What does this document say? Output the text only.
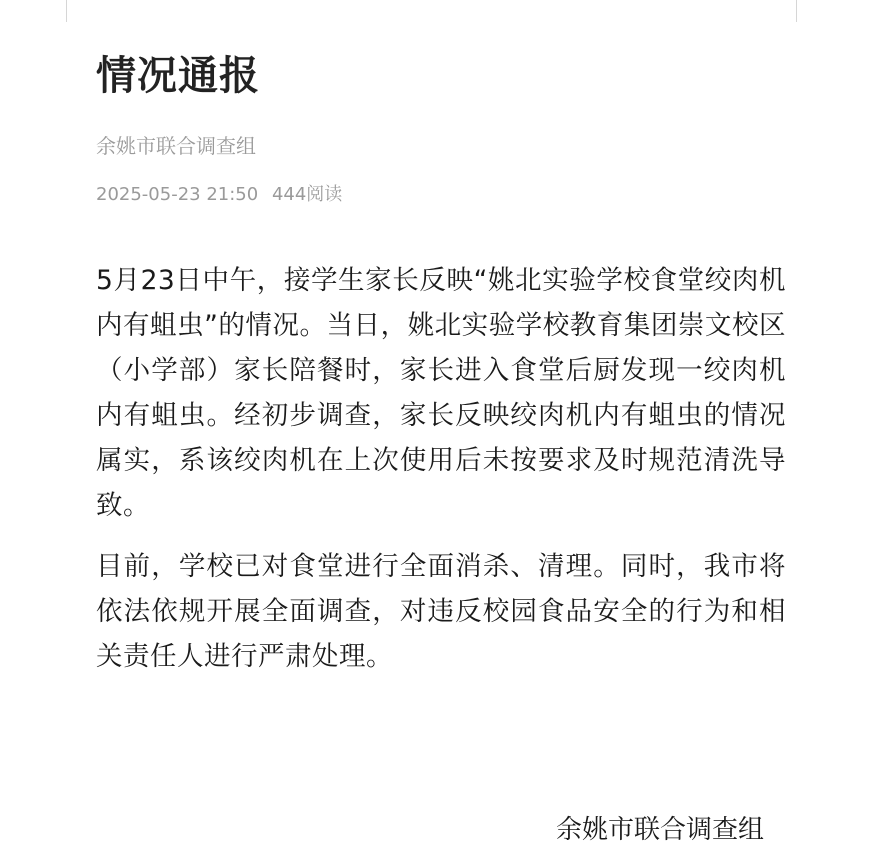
情况通报
余姚市联合调查组
2025-05-23 21:50 444阅读

5月23日中午，接学生家长反映“姚北实验学校食堂绞肉机内有蛆虫”的情况。当日，姚北实验学校教育集团崇文校区（小学部）家长陪餐时，家长进入食堂后厨发现一绞肉机内有蛆虫。经初步调查，家长反映绞肉机内有蛆虫的情况属实，系该绞肉机在上次使用后未按要求及时规范清洗导致。

目前，学校已对食堂进行全面消杀、清理。同时，我市将依法依规开展全面调查，对违反校园食品安全的行为和相关责任人进行严肃处理。

余姚市联合调查组
